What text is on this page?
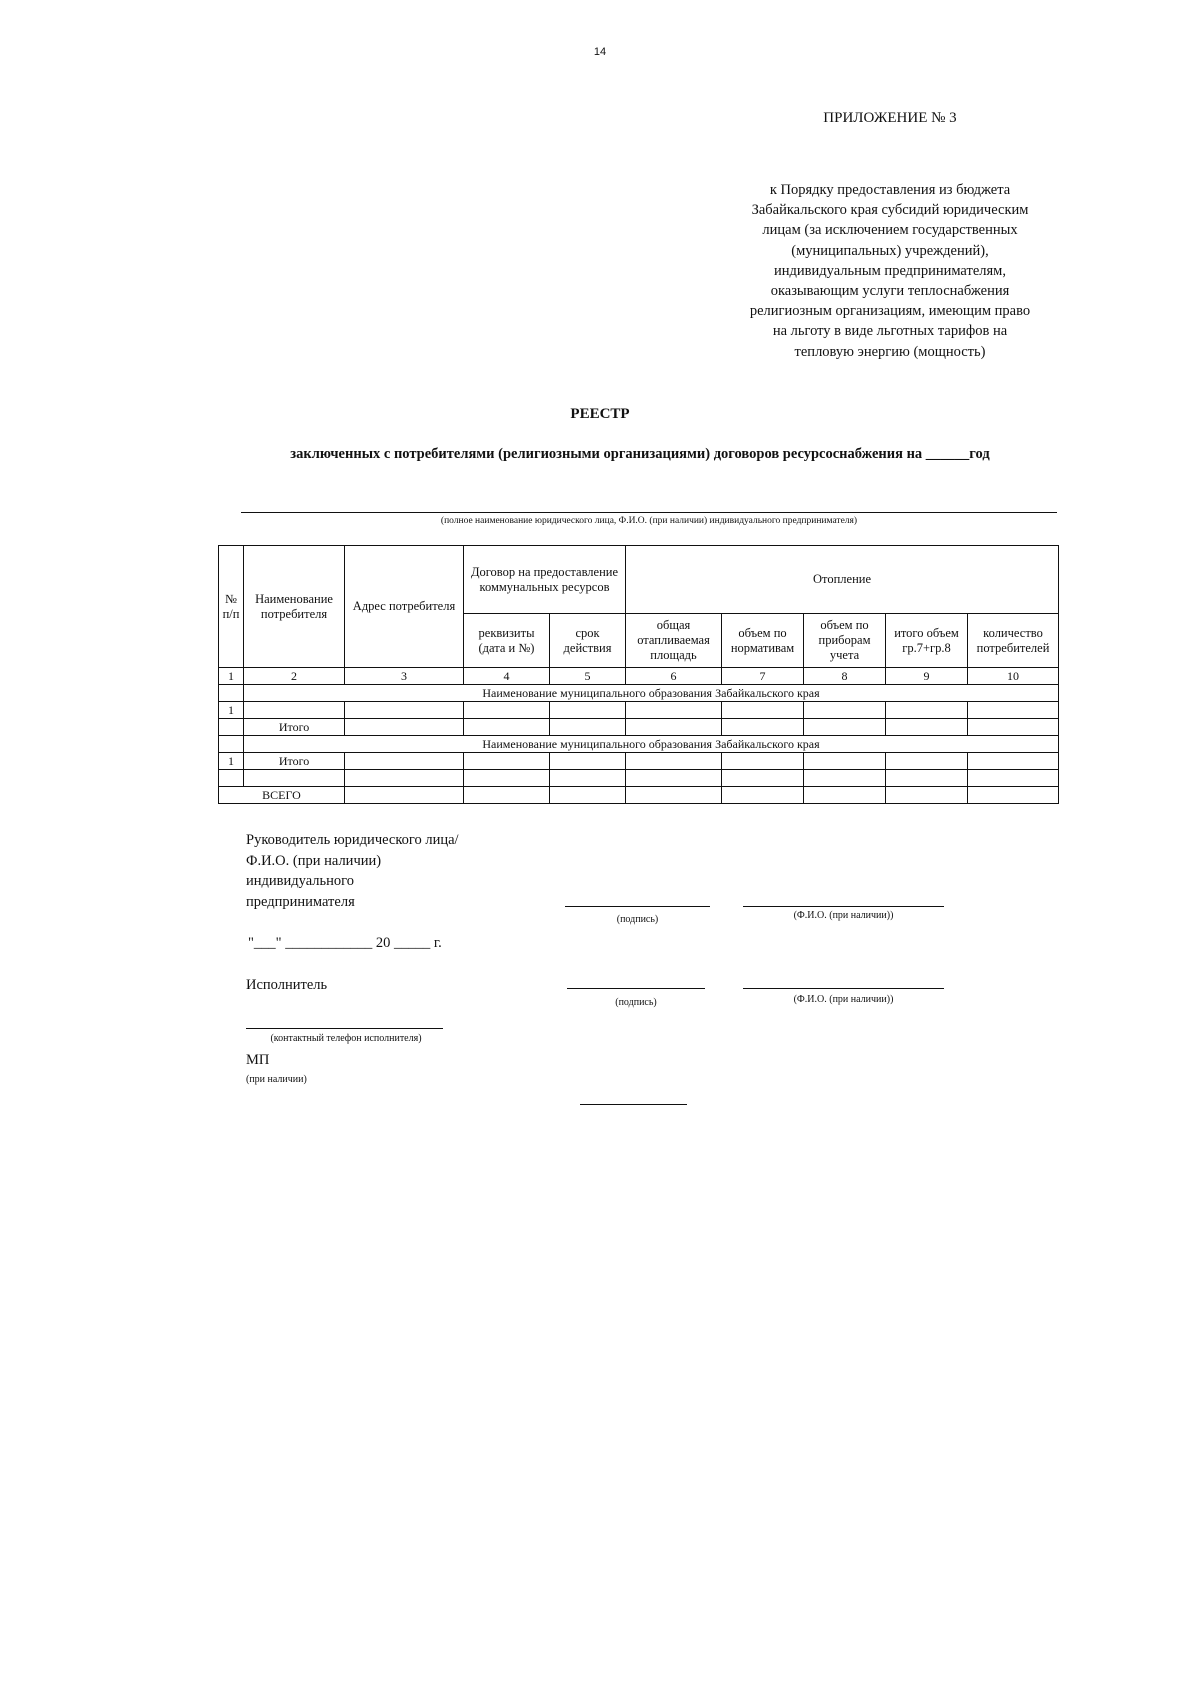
14
ПРИЛОЖЕНИЕ № 3
к Порядку предоставления из бюджета
Забайкальского края субсидий юридическим
лицам (за исключением государственных
(муниципальных) учреждений),
индивидуальным предпринимателям,
оказывающим услуги теплоснабжения
религиозным организациям, имеющим право
на льготу в виде льготных тарифов на
тепловую энергию (мощность)
РЕЕСТР
заключенных с потребителями (религиозными организациями) договоров ресурсоснабжения на ______год
(полное наименование юридического лица, Ф.И.О. (при наличии) индивидуального предпринимателя)
№ п/п	Наименование потребителя	Адрес потребителя	Договор на предоставление коммунальных ресурсов		Отопление				
			реквизиты (дата и №)	срок действия	общая отапливаемая площадь	объем по нормативам	объем по приборам учета	итого объем гр.7+гр.8	количество потребителей
1	2	3	4	5	6	7	8	9	10
	Наименование муниципального образования Забайкальского края								
1									
	Итого								
	Наименование муниципального образования Забайкальского края								
1	Итого								

ВСЕГО									
Руководитель юридического лица/ Ф.И.О. (при наличии) индивидуального предпринимателя
(подпись)	(Ф.И.О. (при наличии))
"___" ____________ 20 _____ г.
Исполнитель
(подпись)	(Ф.И.О. (при наличии))
(контактный телефон исполнителя)
МП
(при наличии)
